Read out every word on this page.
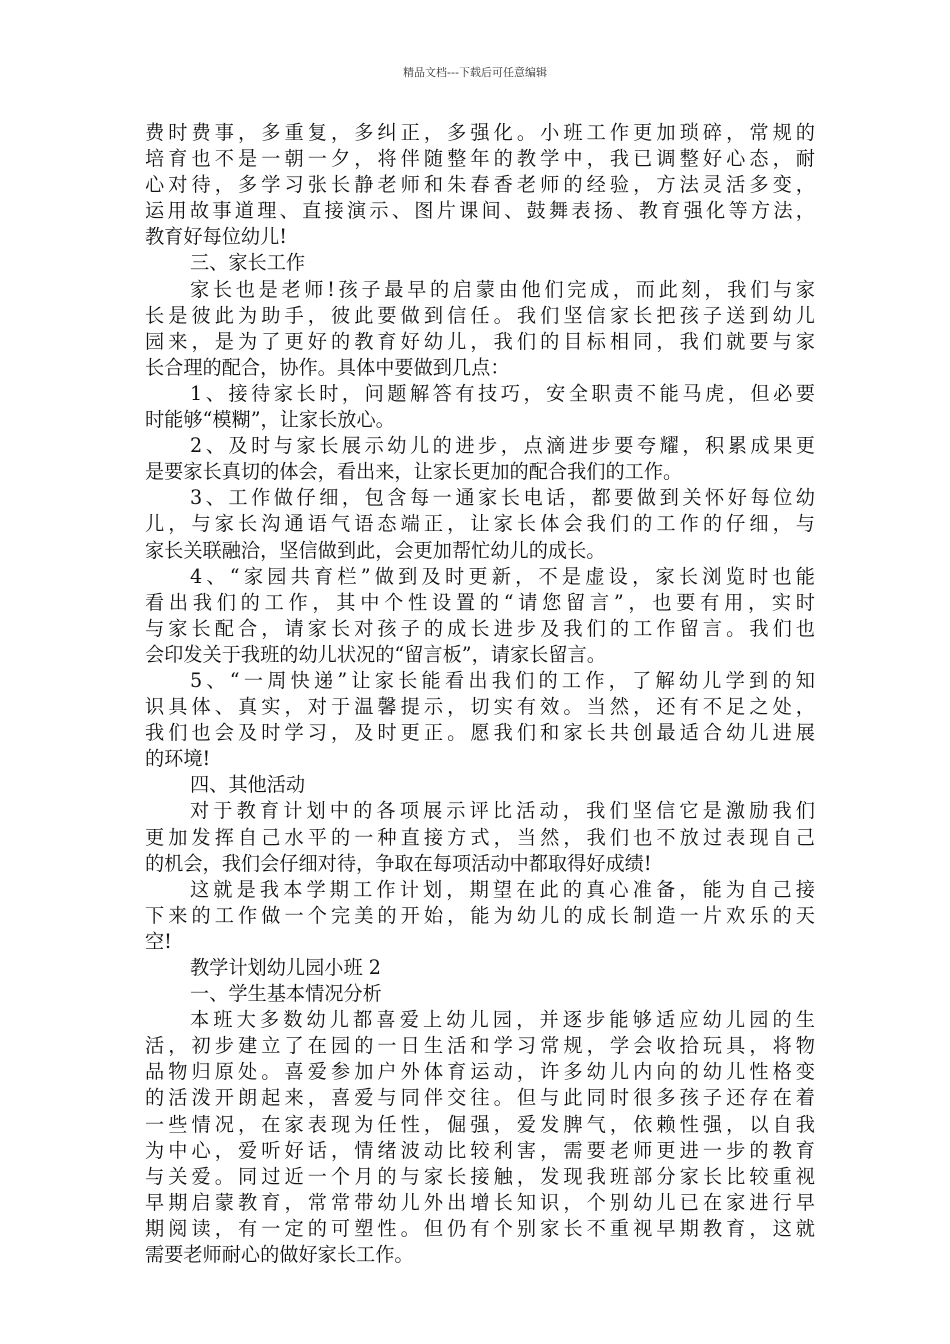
精品文档---下载后可任意编辑
费时费事，多重复，多纠正，多强化。小班工作更加琐碎，常规的
培育也不是一朝一夕，将伴随整年的教学中，我已调整好心态，耐
心对待，多学习张长静老师和朱春香老师的经验，方法灵活多变，
运用故事道理、直接演示、图片课间、鼓舞表扬、教育强化等方法，
教育好每位幼儿!
三、家长工作
家长也是老师!孩子最早的启蒙由他们完成，而此刻，我们与家
长是彼此为助手，彼此要做到信任。我们坚信家长把孩子送到幼儿
园来，是为了更好的教育好幼儿，我们的目标相同，我们就要与家
长合理的配合，协作。具体中要做到几点：
1、接待家长时，问题解答有技巧，安全职责不能马虎，但必要
时能够“模糊”，让家长放心。
2、及时与家长展示幼儿的进步，点滴进步要夸耀，积累成果更
是要家长真切的体会，看出来，让家长更加的配合我们的工作。
3、工作做仔细，包含每一通家长电话，都要做到关怀好每位幼
儿，与家长沟通语气语态端正，让家长体会我们的工作的仔细，与
家长关联融洽，坚信做到此，会更加帮忙幼儿的成长。
4、“家园共育栏”做到及时更新，不是虚设，家长浏览时也能
看出我们的工作，其中个性设置的“请您留言”，也要有用，实时
与家长配合，请家长对孩子的成长进步及我们的工作留言。我们也
会印发关于我班的幼儿状况的“留言板”，请家长留言。
5、“一周快递”让家长能看出我们的工作，了解幼儿学到的知
识具体、真实，对于温馨提示，切实有效。当然，还有不足之处，
我们也会及时学习，及时更正。愿我们和家长共创最适合幼儿进展
的环境!
四、其他活动
对于教育计划中的各项展示评比活动，我们坚信它是激励我们
更加发挥自己水平的一种直接方式，当然，我们也不放过表现自己
的机会，我们会仔细对待，争取在每项活动中都取得好成绩!
这就是我本学期工作计划，期望在此的真心准备，能为自己接
下来的工作做一个完美的开始，能为幼儿的成长制造一片欢乐的天
空!
教学计划幼儿园小班 2
一、学生基本情况分析
本班大多数幼儿都喜爱上幼儿园，并逐步能够适应幼儿园的生
活，初步建立了在园的一日生活和学习常规，学会收拾玩具，将物
品物归原处。喜爱参加户外体育运动，许多幼儿内向的幼儿性格变
的活泼开朗起来，喜爱与同伴交往。但与此同时很多孩子还存在着
一些情况，在家表现为任性，倔强，爱发脾气，依赖性强，以自我
为中心，爱听好话，情绪波动比较利害，需要老师更进一步的教育
与关爱。同过近一个月的与家长接触，发现我班部分家长比较重视
早期启蒙教育，常常带幼儿外出增长知识，个别幼儿已在家进行早
期阅读，有一定的可塑性。但仍有个别家长不重视早期教育，这就
需要老师耐心的做好家长工作。
